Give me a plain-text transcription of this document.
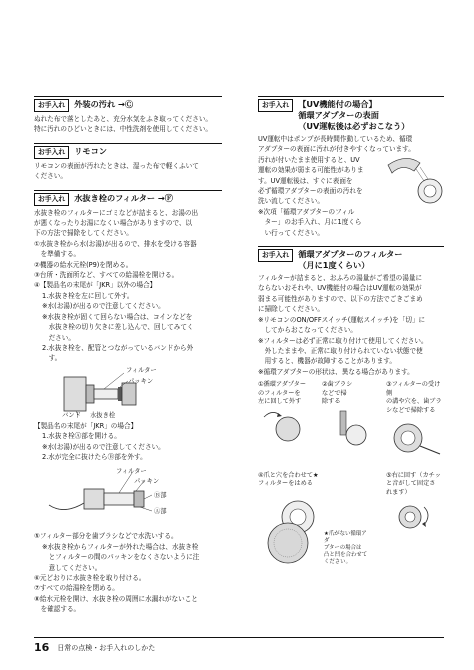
お手入れ	外装の汚れ →Ⓒ

ぬれた布で落としたあと、充分水気をふき取ってください。

特に汚れのひどいときには、中性洗剤を使用してください。

お手入れ	リモコン

リモコンの表面が汚れたときは、湿った布で軽くふいて

ください。

お手入れ	水抜き栓のフィルター →Ⓕ

水抜き栓のフィルターにゴミなどが詰まると、お湯の出

が悪くなったりお湯になくい場合がありますので、以

下の方法で掃除をしてください。

①水抜き栓から水(お湯)が出るので、排水を受ける容器

　を準備する。

②機器の給水元栓(P9)を閉める。

③台所・洗面所など、すべての給湯栓を開ける。

④【製品名の末尾が「JKR」以外の場合】

1.水抜き栓を左に回して外す。

※水(お湯)が出るので注意してください。

※水抜き栓が固くて回らない場合は、コインなどを

　水抜き栓の切り欠きに差し込んで、回してみてく

　ださい。

2.水抜き栓を、配管とつながっているバンドから外

　す。

フィルター
パッキン
バンド 水抜き栓

【製品名の末尾が「JKR」の場合】

1.水抜き栓Ⓐ部を開ける。

※水(お湯)が出るので注意してください。

2.水が完全に抜けたらⒷ部を外す。

フィルター
パッキン
Ⓑ部
Ⓐ部

⑤フィルター部分を歯ブラシなどで水洗いする。

※水抜き栓からフィルターが外れた場合は、水抜き栓

　とフィルターの間のパッキンをなくさないように注

　意してください。

⑥元どおりに水抜き栓を取り付ける。

⑦すべての給湯栓を閉める。

⑧給水元栓を開け、水抜き栓の周囲に水漏れがないこと

　を確認する。

お手入れ	【UV機能付の場合】
循環アダプターの表面
（UV運転後は必ずおこなう）

UV運転中はポンプが長時間作動しているため、循環

アダプターの表面に汚れが付きやすくなっています。

汚れが付いたまま使用すると、UV

運転の効果が弱まる可能性がありま

す。UV運転後は、すぐに表面を

必ず循環アダプターの表面の汚れを

洗い流してください。

※次項「循環アダプターのフィル

　ター」のお手入れ、月に1度くら

　い行ってください。

お手入れ	循環アダプターのフィルター
（月に1度くらい）

フィルターが詰まると、おふろの湯量がご希望の湯量に

ならないおそれや、UV機能付の場合はUV運転の効果が

弱まる可能性がありますので、以下の方法でごきごまめ

に掃除してください。

※リモコンのON/OFFスイッチ(運転スイッチ)を「切」に

　してからおこなってください。

※フィルターは必ず正常に取り付けて使用してください。

　外したままや、正常に取り付けられていない状態で使

　用すると、機器が故障することがあります。

※循環アダプターの形状は、異なる場合があります。

①循環アダプター
のフィルターを
左に回して外す
②歯ブラシ
などで掃
除する
③フィルターの受け側
の溝や穴を、歯ブラ
シなどで掃除する
④爪と穴を合わせて★
フィルターをはめる
★爪がない循環アダ
プターの場合は
凸と凹を合わせて
ください。
⑤右に回す（カチッ
と音がして固定さ
れます）
16 日常の点検・お手入れのしかた
